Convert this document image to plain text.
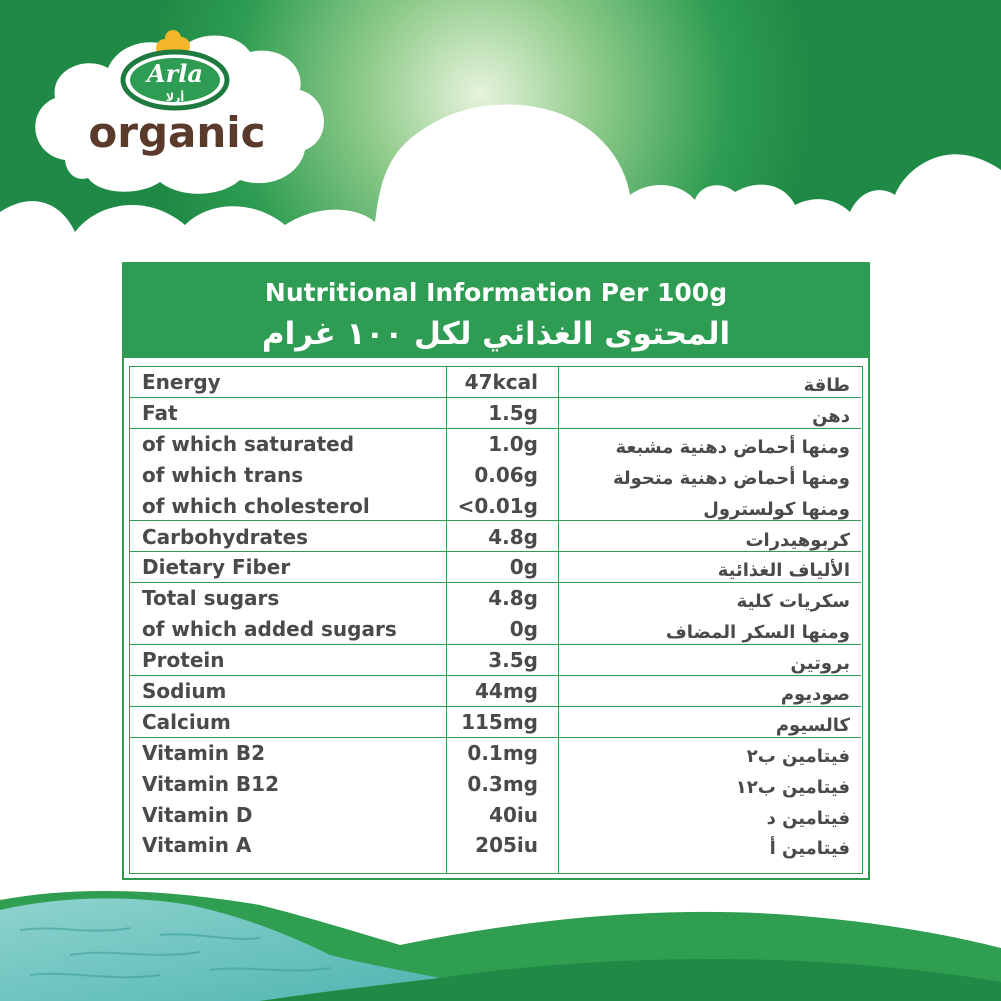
Arla
أرلا
organic
Nutritional Information Per 100g
المحتوى الغذائي لكل ١٠٠ غرام
Energy	47kcal	طاقة
Fat	1.5g	دهن
of which saturated	1.0g	ومنها أحماض دهنية مشبعة
of which trans	0.06g	ومنها أحماض دهنية متحولة
of which cholesterol	<0.01g	ومنها كولسترول
Carbohydrates	4.8g	كربوهيدرات
Dietary Fiber	0g	الألياف الغذائية
Total sugars	4.8g	سكريات كلية
of which added sugars	0g	ومنها السكر المضاف
Protein	3.5g	بروتين
Sodium	44mg	صوديوم
Calcium	115mg	كالسيوم
Vitamin B2	0.1mg	فيتامين ب٢
Vitamin B12	0.3mg	فيتامين ب١٢
Vitamin D	40iu	فيتامين د
Vitamin A	205iu	فيتامين أ
